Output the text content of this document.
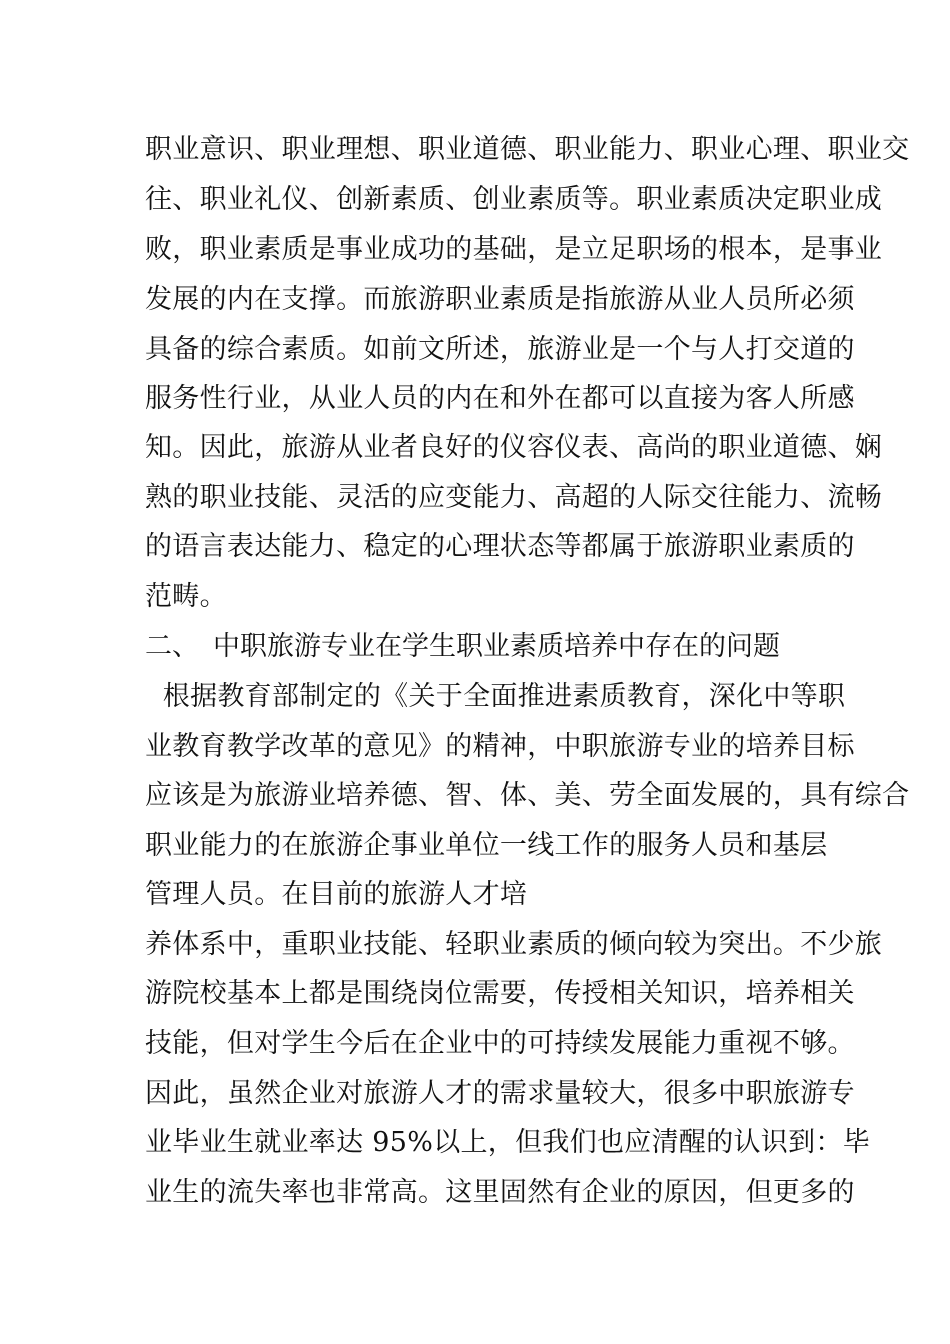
职业意识、职业理想、职业道德、职业能力、职业心理、职业交
往、职业礼仪、创新素质、创业素质等。职业素质决定职业成
败，职业素质是事业成功的基础，是立足职场的根本，是事业
发展的内在支撑。而旅游职业素质是指旅游从业人员所必须
具备的综合素质。如前文所述，旅游业是一个与人打交道的
服务性行业，从业人员的内在和外在都可以直接为客人所感
知。因此，旅游从业者良好的仪容仪表、高尚的职业道德、娴
熟的职业技能、灵活的应变能力、高超的人际交往能力、流畅
的语言表达能力、稳定的心理状态等都属于旅游职业素质的
范畴。
二、 中职旅游专业在学生职业素质培养中存在的问题
根据教育部制定的《关于全面推进素质教育，深化中等职
业教育教学改革的意见》的精神，中职旅游专业的培养目标
应该是为旅游业培养德、智、体、美、劳全面发展的，具有综合
职业能力的在旅游企事业单位一线工作的服务人员和基层
管理人员。在目前的旅游人才培
养体系中，重职业技能、轻职业素质的倾向较为突出。不少旅
游院校基本上都是围绕岗位需要，传授相关知识，培养相关
技能，但对学生今后在企业中的可持续发展能力重视不够。
因此，虽然企业对旅游人才的需求量较大，很多中职旅游专
业毕业生就业率达 95%以上，但我们也应清醒的认识到：毕
业生的流失率也非常高。这里固然有企业的原因，但更多的
